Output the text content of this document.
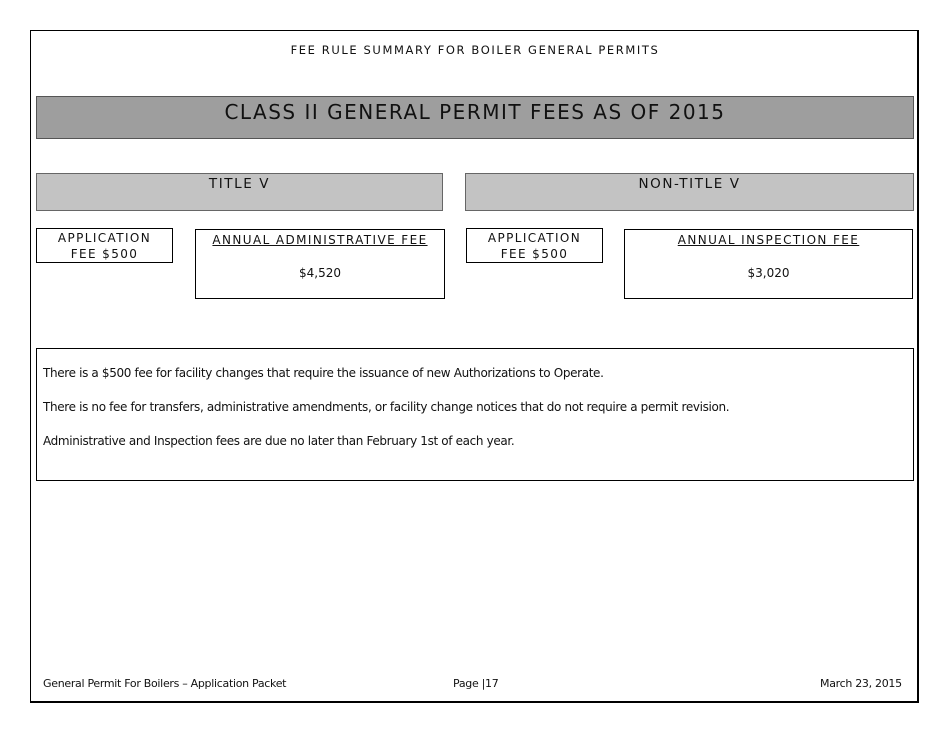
FEE RULE SUMMARY FOR BOILER GENERAL PERMITS
CLASS II GENERAL PERMIT FEES AS OF 2015
TITLE V	NON-TITLE V
APPLICATION
FEE $500
ANNUAL ADMINISTRATIVE FEE
$4,520
APPLICATION
FEE $500
ANNUAL INSPECTION FEE
$3,020

There is a $500 fee for facility changes that require the issuance of new Authorizations to Operate.

There is no fee for transfers, administrative amendments, or facility change notices that do not require a permit revision.

Administrative and Inspection fees are due no later than February 1st of each year.

General Permit For Boilers – Application Packet	Page |17	March 23, 2015
